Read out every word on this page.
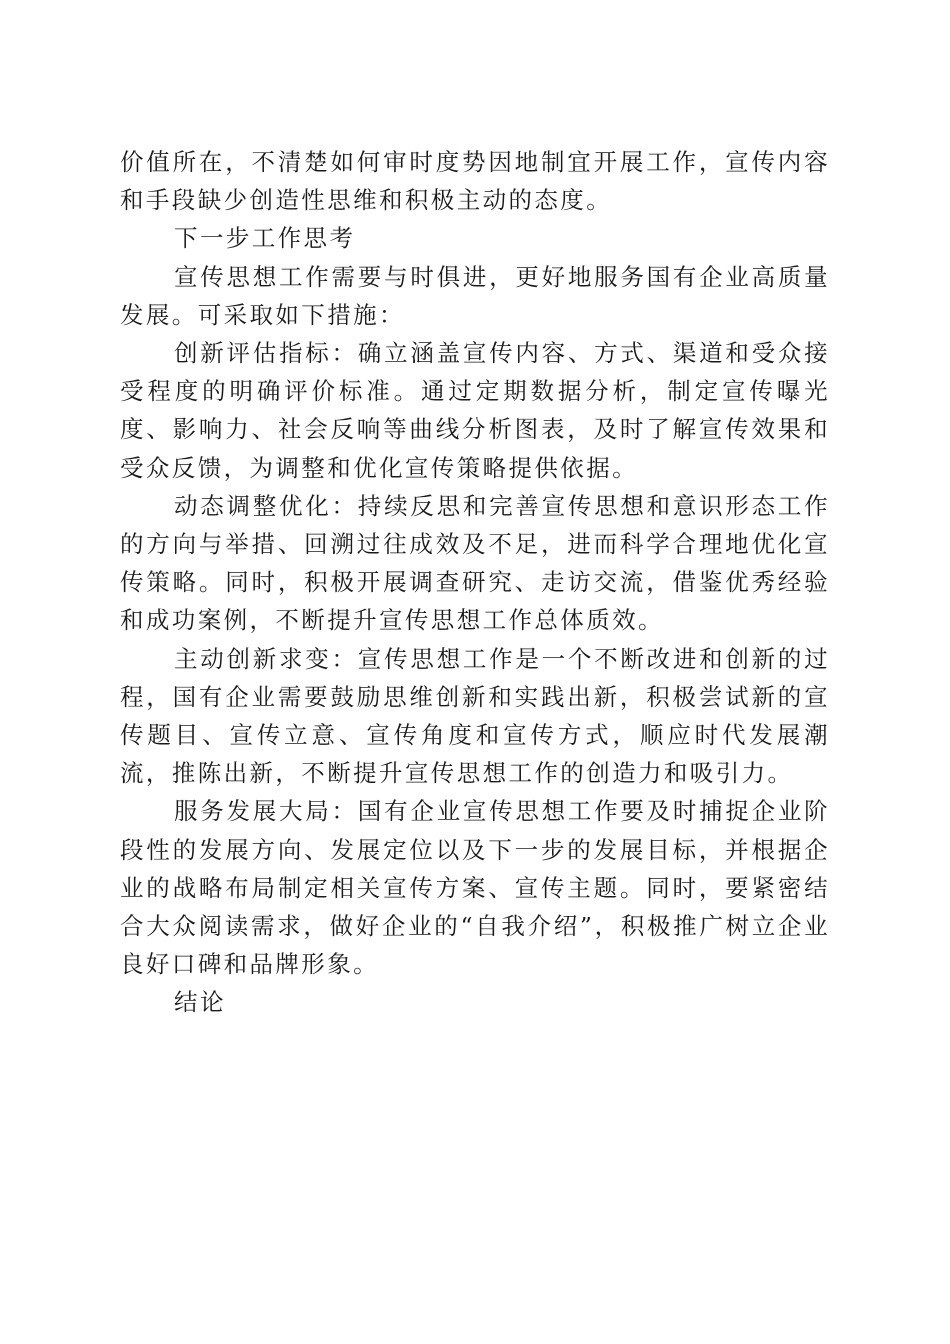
价值所在，不清楚如何审时度势因地制宜开展工作，宣传内容和手段缺少创造性思维和积极主动的态度。

下一步工作思考

宣传思想工作需要与时俱进，更好地服务国有企业高质量发展。可采取如下措施：

创新评估指标：确立涵盖宣传内容、方式、渠道和受众接受程度的明确评价标准。通过定期数据分析，制定宣传曝光度、影响力、社会反响等曲线分析图表，及时了解宣传效果和受众反馈，为调整和优化宣传策略提供依据。

动态调整优化：持续反思和完善宣传思想和意识形态工作的方向与举措、回溯过往成效及不足，进而科学合理地优化宣传策略。同时，积极开展调查研究、走访交流，借鉴优秀经验和成功案例，不断提升宣传思想工作总体质效。

主动创新求变：宣传思想工作是一个不断改进和创新的过程，国有企业需要鼓励思维创新和实践出新，积极尝试新的宣传题目、宣传立意、宣传角度和宣传方式，顺应时代发展潮流，推陈出新，不断提升宣传思想工作的创造力和吸引力。

服务发展大局：国有企业宣传思想工作要及时捕捉企业阶段性的发展方向、发展定位以及下一步的发展目标，并根据企业的战略布局制定相关宣传方案、宣传主题。同时，要紧密结合大众阅读需求，做好企业的“自我介绍”，积极推广树立企业良好口碑和品牌形象。

结论
